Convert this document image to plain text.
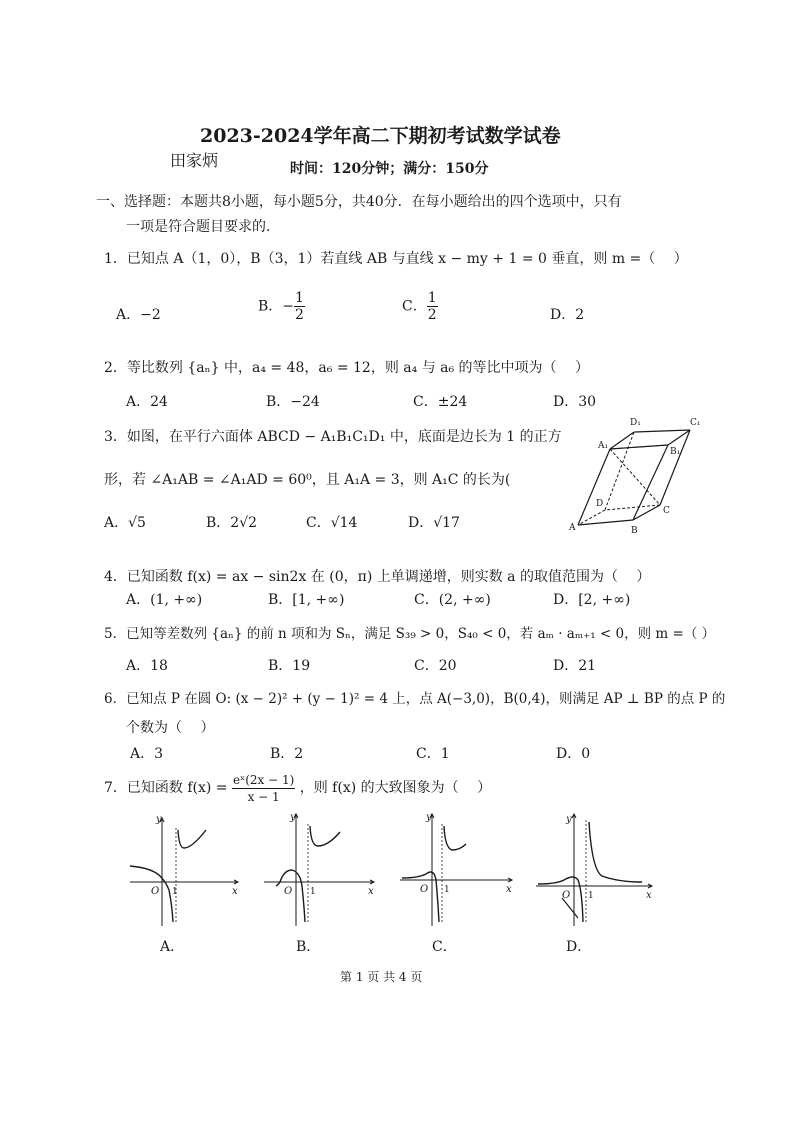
2023-2024学年高二下期初考试数学试卷
田家炳	时间：120分钟；满分：150分
一、选择题：本题共8小题，每小题5分，共40分．在每小题给出的四个选项中，只有
一项是符合题目要求的．
1．已知点 A（1，0），B（3，1）若直线 AB 与直线 x − my + 1 = 0 垂直，则 m =（　 ）
A．−2
B．− $\frac{1}{2}$	C． $\frac{1}{2}$	D．2
2．等比数列 {aₙ} 中，a₄ = 48，a₆ = 12，则 a₄ 与 a₆ 的等比中项为（　 ）
A．24	B．−24	C．±24	D．30
3．如图，在平行六面体 ABCD − A₁B₁C₁D₁ 中，底面是边长为 1 的正方
形，若 ∠A₁AB = ∠A₁AD = 60⁰，且 A₁A = 3，则 A₁C 的长为(
A．√5	B．2√2	C．√14	D．√17
D₁	C₁
A₁
B₁
D
C
A	B
4．已知函数 f(x) = ax − sin2x 在 (0，π) 上单调递增，则实数 a 的取值范围为（　 ）
A．(1, +∞)	B．[1, +∞)	C．(2, +∞)	D．[2, +∞)
5．已知等差数列 {aₙ} 的前 n 项和为 Sₙ，满足 S₃₉ > 0，S₄₀ < 0，若 aₘ · aₘ₊₁ < 0，则 m =（ ）
A．18	B．19	C．20	D．21
6．已知点 P 在圆 O: (x − 2)² + (y − 1)² = 4 上，点 A(−3,0)，B(0,4)，则满足 AP ⊥ BP 的点 P 的
个数为（　 ）
A．3	B．2	C．1	D．0
7．已知函数 $f(x) = \frac{\text{eˣ(2x − 1)}}{x - 1}$ ，则 f(x) 的大致图象为（　 ）
y
x
O 1
A．
y
x
O 1
B．
y
x
O 1
C．
y
x
O 1
D．
第 1 页 共 4 页
